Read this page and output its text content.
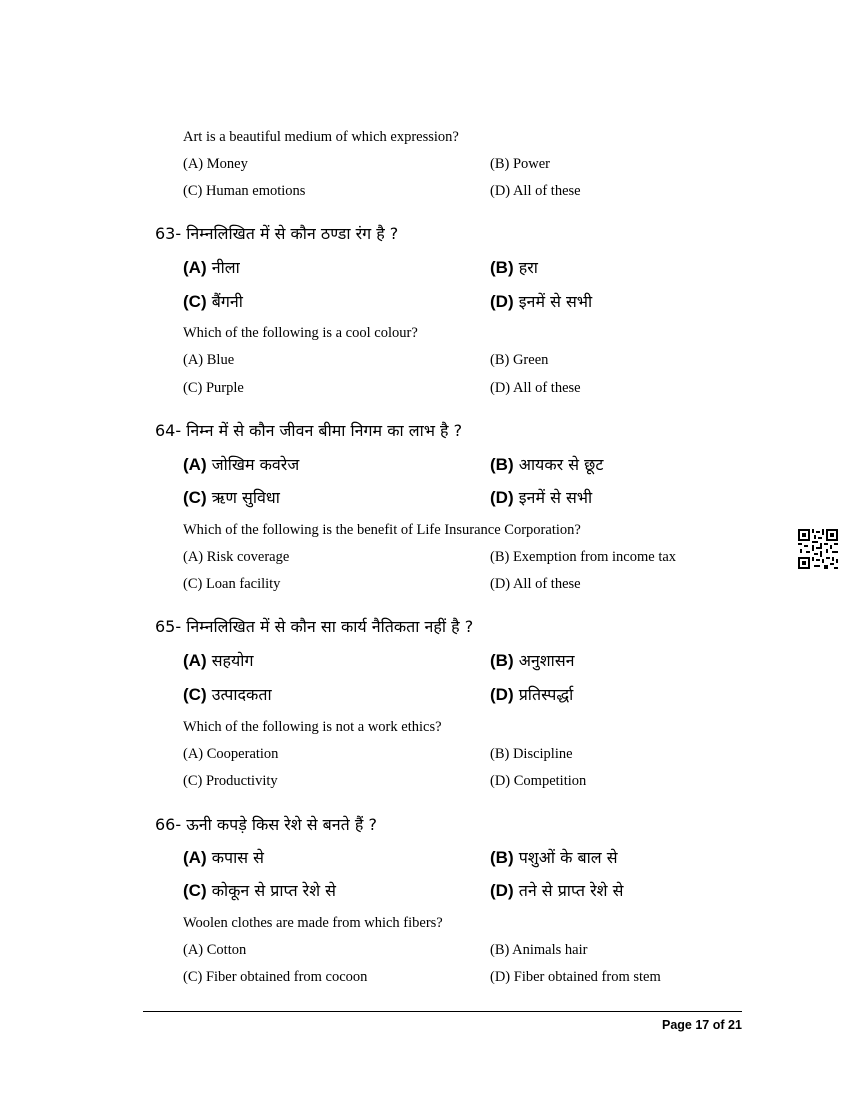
Art is a beautiful medium of which expression?
(A) Money	(B) Power
(C) Human emotions	(D) All of these
63- निम्नलिखित में से कौन ठण्डा रंग है ?
(A) नीला	(B) हरा
(C) बैंगनी	(D) इनमें से सभी
Which of the following is a cool colour?
(A) Blue	(B) Green
(C) Purple	(D) All of these
64- निम्न में से कौन जीवन बीमा निगम का लाभ है ?
(A) जोखिम कवरेज	(B) आयकर से छूट
(C) ऋण सुविधा	(D) इनमें से सभी
Which of the following is the benefit of Life Insurance Corporation?
(A) Risk coverage	(B) Exemption from income tax
(C) Loan facility	(D) All of these
65- निम्नलिखित में से कौन सा कार्य नैतिकता नहीं है ?
(A) सहयोग	(B) अनुशासन
(C) उत्पादकता	(D) प्रतिस्पर्द्धा
Which of the following is not a work ethics?
(A) Cooperation	(B) Discipline
(C) Productivity	(D) Competition
66- ऊनी कपड़े किस रेशे से बनते हैं ?
(A) कपास से	(B) पशुओं के बाल से
(C) कोकून से प्राप्त रेशे से	(D) तने से प्राप्त रेशे से
Woolen clothes are made from which fibers?
(A) Cotton	(B) Animals hair
(C) Fiber obtained from cocoon	(D) Fiber obtained from stem
Page 17 of 21
